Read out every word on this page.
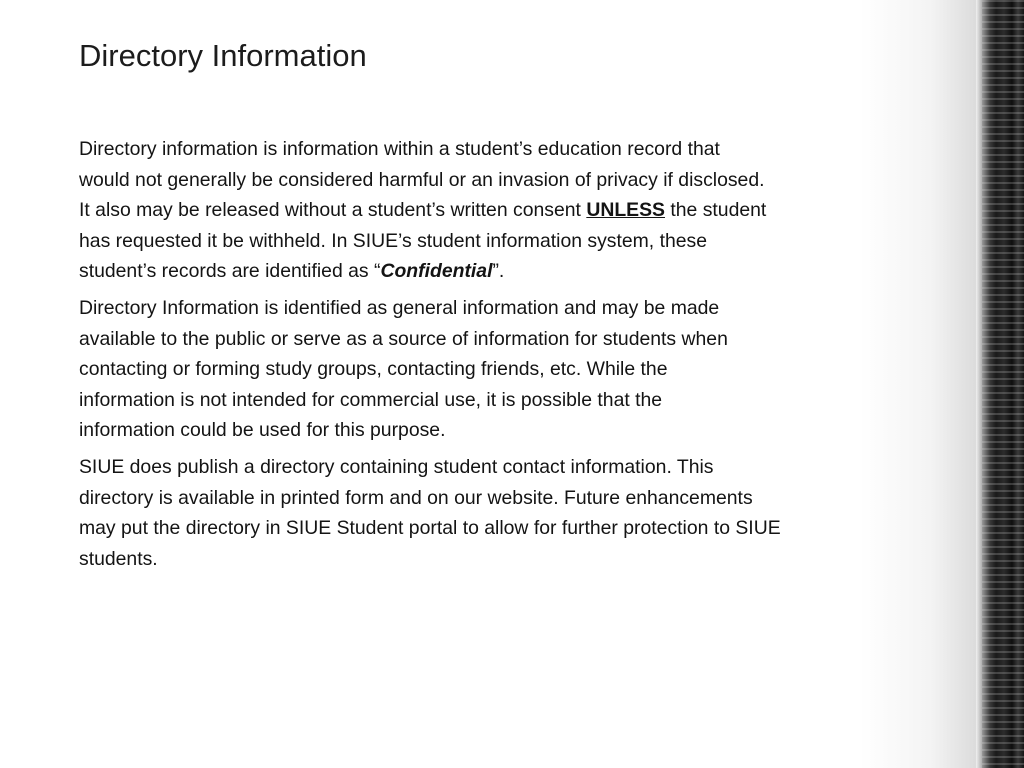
Directory Information

Directory information is information within a student’s education record that
would not generally be considered harmful or an invasion of privacy if disclosed.
It also may be released without a student’s written consent UNLESS the student
has requested it be withheld. In SIUE’s student information system, these
student’s records are identified as “Confidential”.

Directory Information is identified as general information and may be made
available to the public or serve as a source of information for students when
contacting or forming study groups, contacting friends, etc. While the
information is not intended for commercial use, it is possible that the
information could be used for this purpose.

SIUE does publish a directory containing student contact information. This
directory is available in printed form and on our website. Future enhancements
may put the directory in SIUE Student portal to allow for further protection to SIUE
students.
